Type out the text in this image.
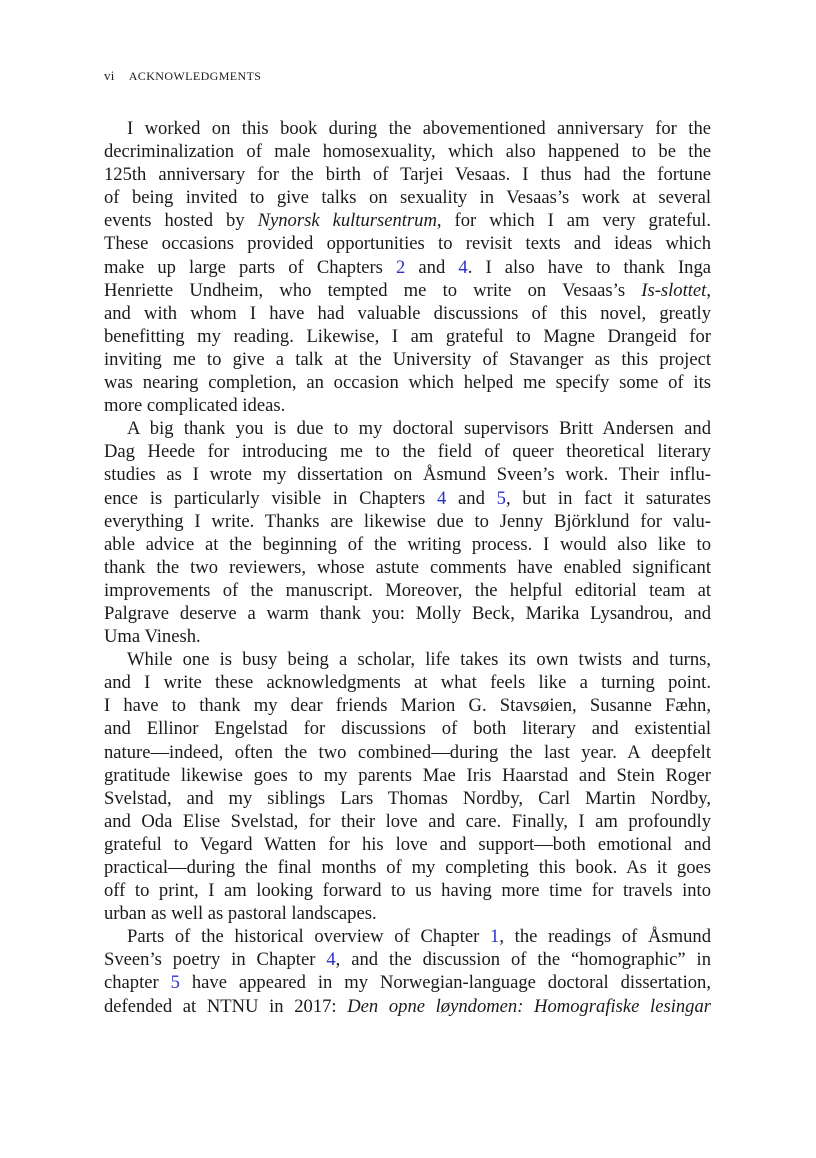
vi ACKNOWLEDGMENTS
I worked on this book during the abovementioned anniversary for the
decriminalization of male homosexuality, which also happened to be the
125th anniversary for the birth of Tarjei Vesaas. I thus had the fortune
of being invited to give talks on sexuality in Vesaas’s work at several
events hosted by Nynorsk kultursentrum, for which I am very grateful.
These occasions provided opportunities to revisit texts and ideas which
make up large parts of Chapters 2 and 4. I also have to thank Inga
Henriette Undheim, who tempted me to write on Vesaas’s Is-slottet,
and with whom I have had valuable discussions of this novel, greatly
benefitting my reading. Likewise, I am grateful to Magne Drangeid for
inviting me to give a talk at the University of Stavanger as this project
was nearing completion, an occasion which helped me specify some of its
more complicated ideas.
A big thank you is due to my doctoral supervisors Britt Andersen and
Dag Heede for introducing me to the field of queer theoretical literary
studies as I wrote my dissertation on Åsmund Sveen’s work. Their influ-
ence is particularly visible in Chapters 4 and 5, but in fact it saturates
everything I write. Thanks are likewise due to Jenny Björklund for valu-
able advice at the beginning of the writing process. I would also like to
thank the two reviewers, whose astute comments have enabled significant
improvements of the manuscript. Moreover, the helpful editorial team at
Palgrave deserve a warm thank you: Molly Beck, Marika Lysandrou, and
Uma Vinesh.
While one is busy being a scholar, life takes its own twists and turns,
and I write these acknowledgments at what feels like a turning point.
I have to thank my dear friends Marion G. Stavsøien, Susanne Fæhn,
and Ellinor Engelstad for discussions of both literary and existential
nature—indeed, often the two combined—during the last year. A deepfelt
gratitude likewise goes to my parents Mae Iris Haarstad and Stein Roger
Svelstad, and my siblings Lars Thomas Nordby, Carl Martin Nordby,
and Oda Elise Svelstad, for their love and care. Finally, I am profoundly
grateful to Vegard Watten for his love and support—both emotional and
practical—during the final months of my completing this book. As it goes
off to print, I am looking forward to us having more time for travels into
urban as well as pastoral landscapes.
Parts of the historical overview of Chapter 1, the readings of Åsmund
Sveen’s poetry in Chapter 4, and the discussion of the “homographic” in
chapter 5 have appeared in my Norwegian-language doctoral dissertation,
defended at NTNU in 2017: Den opne løyndomen: Homografiske lesingar
